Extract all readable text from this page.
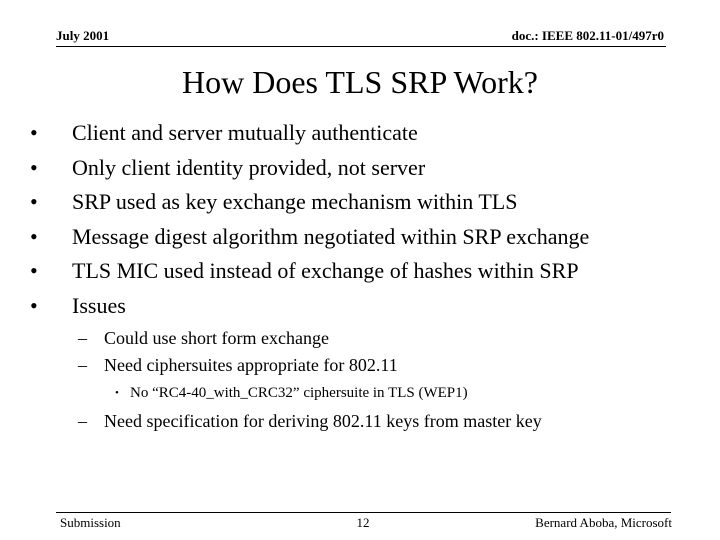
July 2001	doc.: IEEE 802.11-01/497r0
How Does TLS SRP Work?
• Client and server mutually authenticate
• Only client identity provided, not server
• SRP used as key exchange mechanism within TLS
• Message digest algorithm negotiated within SRP exchange
• TLS MIC used instead of exchange of hashes within SRP
• Issues
– Could use short form exchange
– Need ciphersuites appropriate for 802.11
• No “RC4-40_with_CRC32” ciphersuite in TLS (WEP1)
– Need specification for deriving 802.11 keys from master key
Submission	12	Bernard Aboba, Microsoft
